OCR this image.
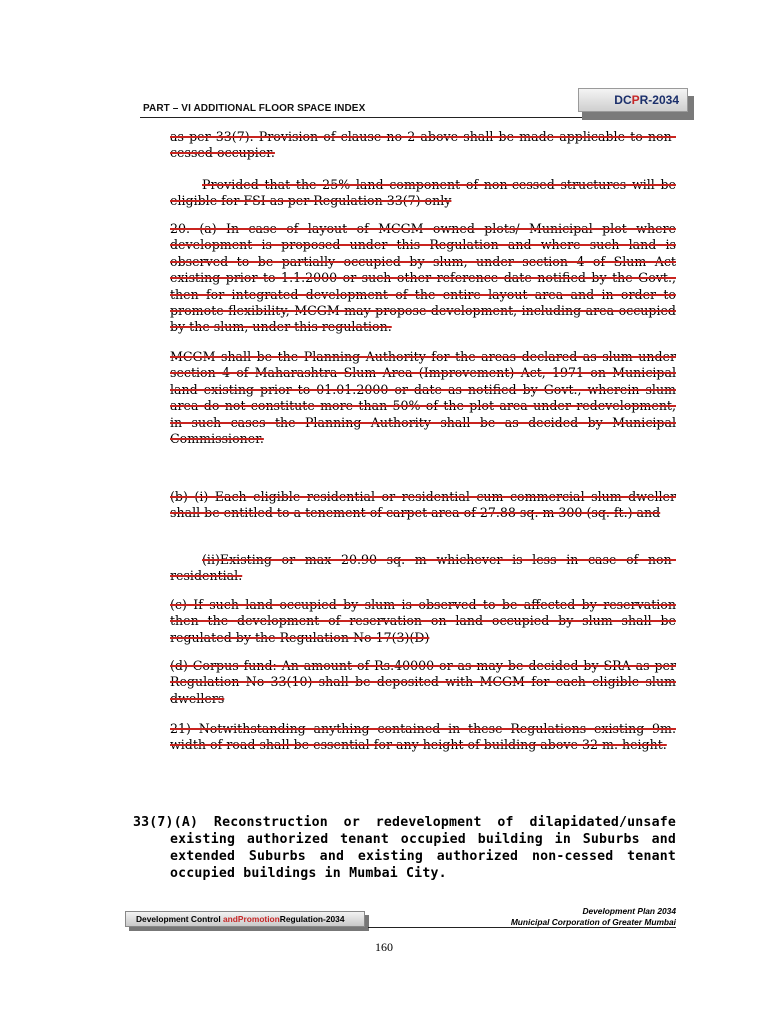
PART – VI ADDITIONAL FLOOR SPACE INDEX
DCPR-2034
as per 33(7). Provision of clause no 2 above shall be made applicable to non-cessed occupier.
Provided that the 25% land component of non-cessed structures will be eligible for FSI as per Regulation 33(7) only
20. (a) In case of layout of MCGM owned plots/ Municipal plot where development is proposed under this Regulation and where such land is observed to be partially occupied by slum, under section 4 of Slum Act existing prior to 1.1.2000 or such other reference date notified by the Govt., then for integrated development of the entire layout area and in order to promote flexibility, MCGM may propose development, including area occupied by the slum, under this regulation.
MCGM shall be the Planning Authority for the areas declared as slum under section 4 of Maharashtra Slum Area (Improvement) Act, 1971 on Municipal land existing prior to 01.01.2000 or date as notified by Govt., wherein slum area do not constitute more than 50% of the plot area under redevelopment, in such cases the Planning Authority shall be as decided by Municipal Commissioner.
(b) (i) Each eligible residential or residential cum commercial slum dweller shall be entitled to a tenement of carpet area of 27.88 sq. m 300 (sq. ft.) and
(ii)Existing or max 20.90 sq. m whichever is less in case of non-residential.
(c) If such land occupied by slum is observed to be affected by reservation then the development of reservation on land occupied by slum shall be regulated by the Regulation No 17(3)(D)
(d) Corpus fund: An amount of Rs.40000 or as may be decided by SRA as per Regulation No 33(10) shall be deposited with MCGM for each eligible slum dwellers
21) Notwithstanding anything contained in these Regulations existing 9m. width of road shall be essential for any height of building above 32 m. height.
33(7)(A) Reconstruction or redevelopment of dilapidated/unsafe existing authorized tenant occupied building in Suburbs and extended Suburbs and existing authorized non-cessed tenant occupied buildings in Mumbai City.
Development Control andPromotionRegulation-2034
Development Plan 2034
Municipal Corporation of Greater Mumbai
160
